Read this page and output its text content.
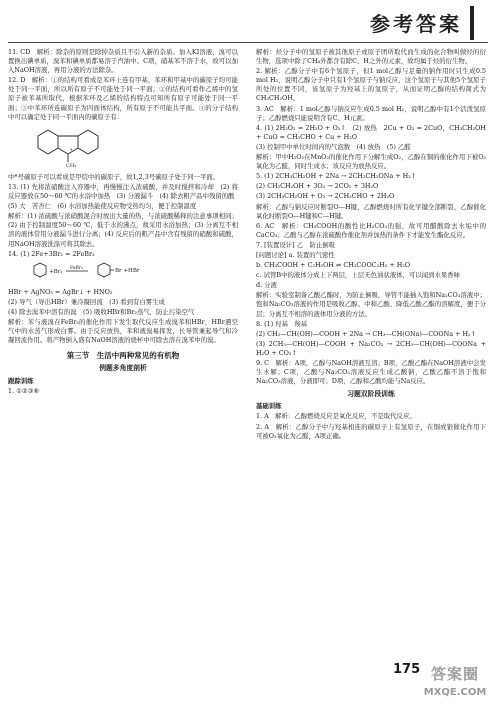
参考答案

11. CD　解析：除杂的原则是除掉杂质且不引入新的杂质。加入KI溶液，溴可以置换出碘单质，溴苯和碘单质都易溶于汽油中。C项，硝基苯不溶于水，故可以加入NaOH溶液，再用分液的方法除杂。

12. D　解析：①的结构可看成是苯环上连有甲基，苯环和甲基中的碳原子均可能处于同一平面，所以所有原子不可能处于同一平面；②的结构可看作乙烯中的氢原子被苯基所取代，根据苯环及乙烯的结构特点可知所有原子可能处于同一平面；③中苯环所连碳原子为四面体结构，所有原子不可能共平面。③的分子结构中可以确定处于同一平面内的碳原子有：

CH₃
*

中*号碳原子可以看成是甲烷中的碳原子，故1,2,3号碳原子处于同一平面。

13. (1) 先将浓硝酸注入容器中，再慢慢注入浓硫酸，并及时搅拌和冷却　(2) 将反应器放在50～60 ℃的水浴中加热　(3) 分液漏斗　(4) 除去粗产品中残留的酸

(5) 大　苦杏仁　(6) 水浴加热能使反应物受热均匀，便于控制温度

解析：(1) 浓硫酸与浓硝酸混合时放出大量的热，与浓硫酸稀释的注意事项相同；(2) 由于控制温度50～60 ℃，低于水的沸点，故采用水浴加热；(3) 分离互不相溶的液体常用分液漏斗进行分离；(4) 反应后的粗产品中含有残留的硝酸和硫酸，用NaOH溶液洗涤可将其除去。

14. (1) 2Fe+3Br₂ = 2FeBr₃

+Br₂
FeBr₃	Br +HBr

HBr + AgNO₃ = AgBr↓ + HNO₃

(2) 导气（导出HBr）兼冷凝回流　(3) 看到有白雾生成

(4) 除去溴苯中溶有的溴　(5) 吸收HBr和Br₂蒸气，防止污染空气

解析：苯与液溴在FeBr₃的催化作用下发生取代反应生成溴苯和HBr，HBr遇空气中的水蒸气形成白雾。由于反应放热，苯和液溴易挥发，长导管兼起导气和冷凝回流作用。将产物倒入盛有NaOH溶液的烧杯中可除去溶在溴苯中的溴。

第三节　生活中两种常见的有机物
例题多角度剖析
跟踪训练

1. ①②③⑥

解析：烃分子中的氢原子被其他原子或原子团所取代而生成的化合物叫做烃的衍生物，选项中除了CH₄外都含有除C、H之外的元素，故均属于烃的衍生物。

2. 解析：乙醇分子中有6个氢原子，但1 mol乙醇与足量的钠作用时只生成0.5 mol H₂，说明乙醇分子中只有1个氢原子与钠反应，这个氢原子与其他5个氢原子所处的位置不同，该氢原子为羟基上的氢原子，从而证明乙醇的结构简式为CH₃CH₂OH。

3. AC　解析：1 mol乙醇与钠反应生成0.5 mol H₂，说明乙醇中有1个活泼氢原子；乙醇燃烧只能说明含有C、H元素。

4. (1) 2H₂O₂ = 2H₂O + O₂↑　(2) 放热　2Cu + O₂ = 2CuO，CH₃CH₂OH + CuO = CH₃CHO + Cu + H₂O

(3) 控制甲中单位时间内的气泡数　(4) 放热　(5) 乙醛

解析：甲中H₂O₂在MnO₂的催化作用下分解生成O₂，乙醇在铜的催化作用下被O₂氧化为乙醛，同时生成水；该反应为放热反应。

5. (1) 2CH₃CH₂OH + 2Na → 2CH₃CH₂ONa + H₂↑

(2) CH₃CH₂OH + 3O₂ → 2CO₂ + 3H₂O

(3) 2CH₃CH₂OH + O₂ → 2CH₃CHO + 2H₂O

解析：乙醇与钠反应时断裂O—H键，乙醇燃烧时所有化学键全部断裂，乙醇催化氧化时断裂O—H键和C—H键。

6. AC　解析：CH₃COOH的酸性比H₂CO₃的强，故可用醋酸除去水垢中的CaCO₃；乙酸与乙醇在浓硫酸作催化剂并加热的条件下才能发生酯化反应。

7. [装置设计] 乙　防止倒吸

[问题讨论] a. 装置的气密性

b. CH₃COOH + C₂H₅OH ⇌ CH₃COOC₂H₅ + H₂O

c. 试管B中的液体分成上下两层，上层无色油状液体，可以闻到水果香味

d. 分液

解析：实验室制备乙酸乙酯时，为防止倒吸，导管不能插入饱和Na₂CO₃溶液中；饱和Na₂CO₃溶液的作用是吸收乙醇、中和乙酸、降低乙酸乙酯的溶解度，便于分层；分离互不相溶的液体用分液的方法。

8. (1) 羟基　羧基

(2) CH₃—CH(OH)—COOH + 2Na → CH₃—CH(ONa)—COONa + H₂↑

(3) 2CH₃—CH(OH)—COOH + Na₂CO₃ → 2CH₃—CH(OH)—COONa + H₂O + CO₂↑

9. C　解析：A项，乙醇与NaOH溶液互溶；B项，乙酸乙酯在NaOH溶液中会发生水解；C项，乙酸与Na₂CO₃溶液反应生成乙酸钠，乙酸乙酯不溶于饱和Na₂CO₃溶液，分液即可；D项，乙醇和乙酸均能与Na反应。

习题双阶段训练
基础训练

1. A　解析：乙醇燃烧反应是氧化反应，不是取代反应。

2. A　解析：乙醇分子中与羟基相连的碳原子上有氢原子，在铜或银催化作用下可被O₂氧化为乙醛，A项正确。

175 答案圈
MXQE.COM
